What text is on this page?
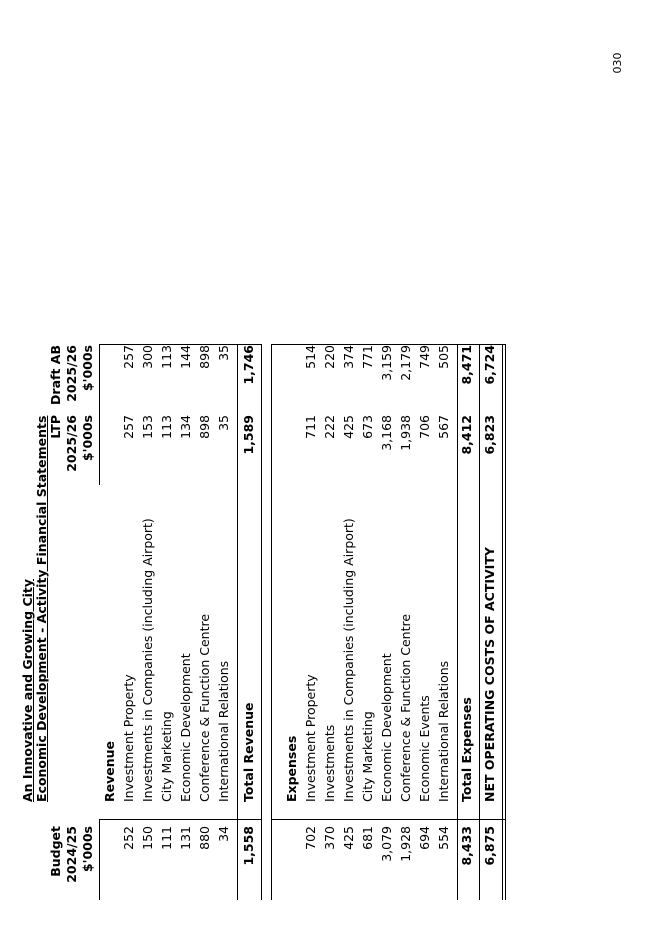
030
An Innovative and Growing City Economic Development - Activity Financial Statements
Budget 2024/25 $'000s
LTP 2025/26 $'000s
Draft AB 2025/26 $'000s
Revenue
252
Investment Property
257
257
150
Investments in Companies (including Airport)
153
300
111
City Marketing
113
113
131
Economic Development
134
144
880
Conference & Function Centre
898
898
34
International Relations
35
35
1,558
Total Revenue
1,589
1,746
Expenses
702
Investment Property
711
514
370
Investments
222
220
425
Investments in Companies (including Airport)
425
374
681
City Marketing
673
771
3,079
Economic Development
3,168
3,159
1,928
Conference & Function Centre
1,938
2,179
694
Economic Events
706
749
554
International Relations
567
505
8,433
Total Expenses
8,412
8,471
6,875
NET OPERATING COSTS OF ACTIVITY
6,823
6,724
